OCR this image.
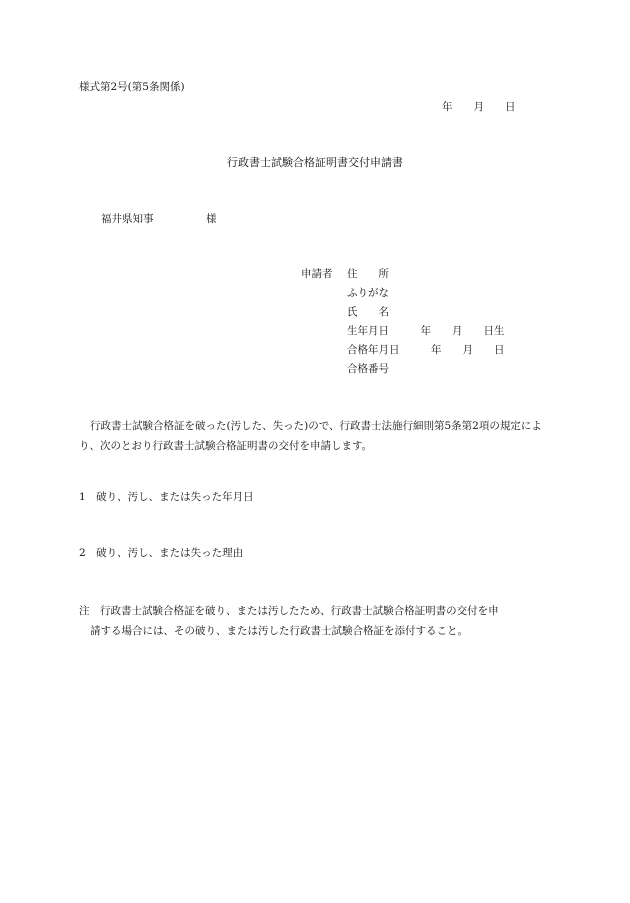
様式第2号(第5条関係)
年　　月　　日
行政書士試験合格証明書交付申請書
福井県知事　　　　　様
申請者 住　　所
ふりがな
氏　　名
生年月日　　　年　　月　　日生
合格年月日　　　年　　月　　日
合格番号
行政書士試験合格証を破った(汚した、失った)ので、行政書士法施行細則第5条第2項の規定により、次のとおり行政書士試験合格証明書の交付を申請します。
1　破り、汚し、または失った年月日
2　破り、汚し、または失った理由
注　行政書士試験合格証を破り、または汚したため、行政書士試験合格証明書の交付を申
請する場合には、その破り、または汚した行政書士試験合格証を添付すること。
